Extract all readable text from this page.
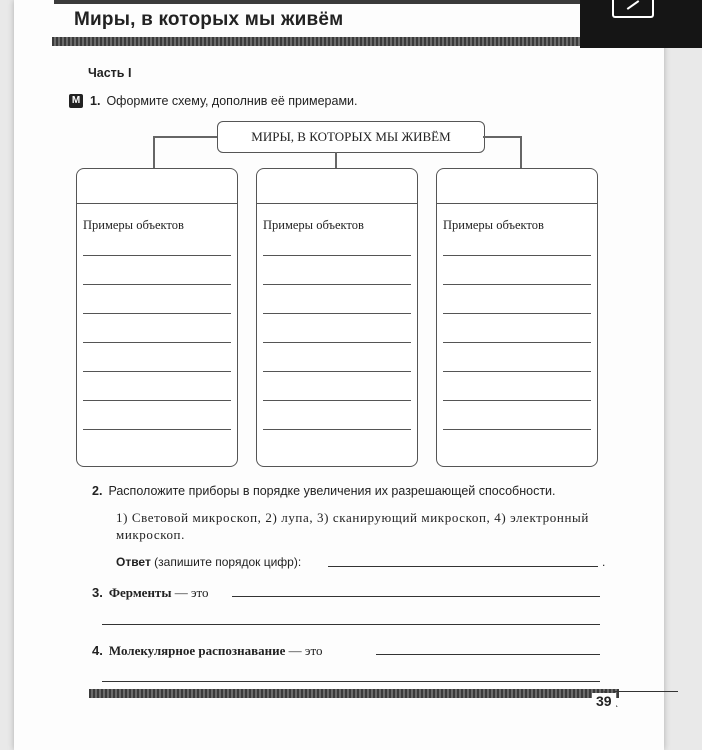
Миры, в которых мы живём
Часть I
М 1. Оформите схему, дополнив её примерами.
МИРЫ, В КОТОРЫХ МЫ ЖИВЁМ
Примеры объектов	Примеры объектов	Примеры объектов
2. Расположите приборы в порядке увеличения их разрешающей способности.
1) Световой микроскоп, 2) лупа, 3) сканирующий микроскоп, 4) электронный микроскоп.
Ответ (запишите порядок цифр):	.
3. Ферменты — это
4. Молекулярное распознавание — это
39
